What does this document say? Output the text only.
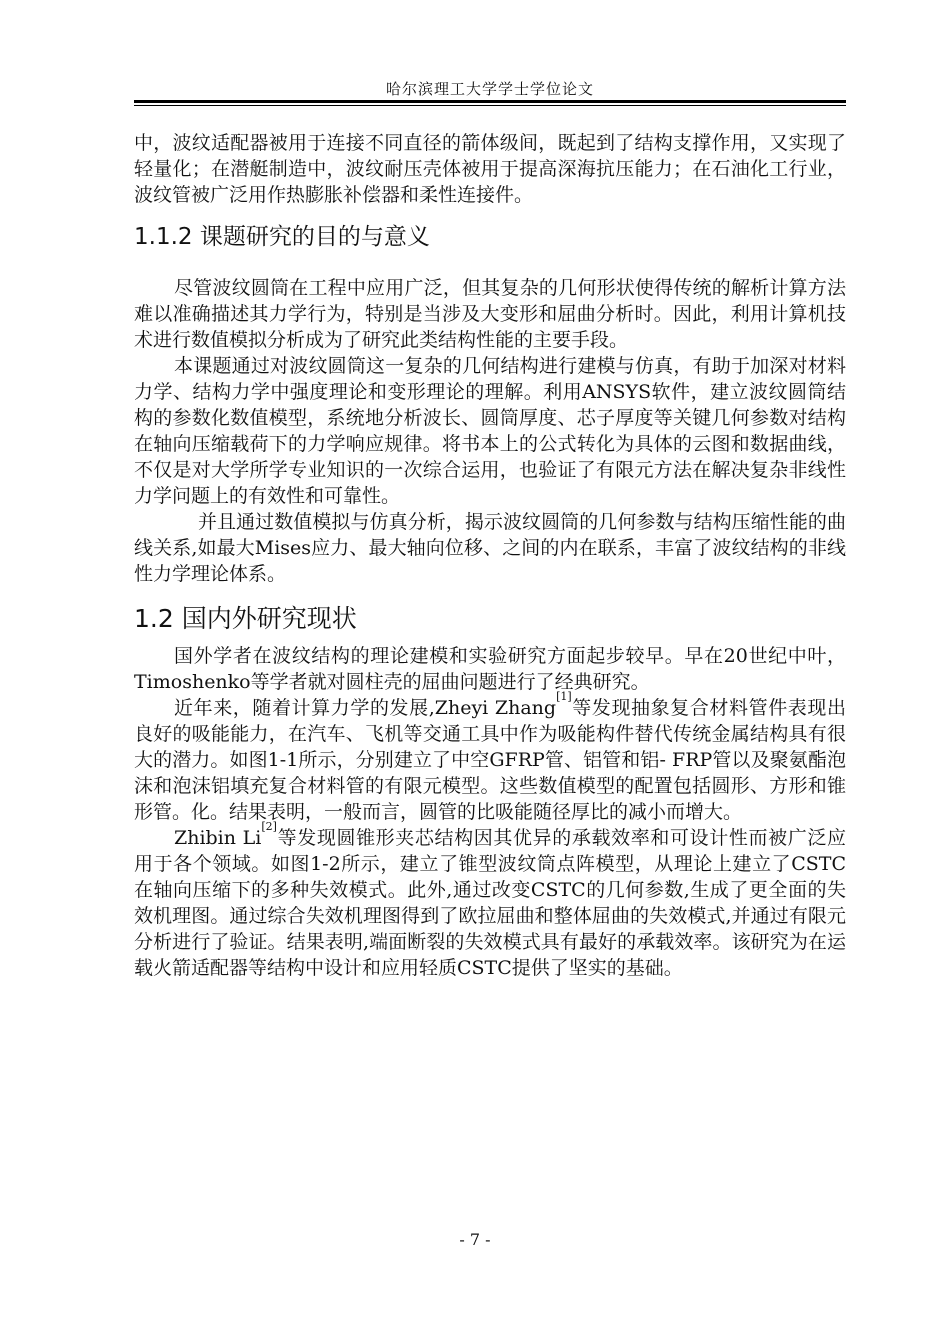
哈尔滨理工大学学士学位论文

中，波纹适配器被用于连接不同直径的箭体级间，既起到了结构支撑作用，又实现了轻量化；在潜艇制造中，波纹耐压壳体被用于提高深海抗压能力；在石油化工行业，波纹管被广泛用作热膨胀补偿器和柔性连接件。

1.1.2 课题研究的目的与意义

尽管波纹圆筒在工程中应用广泛，但其复杂的几何形状使得传统的解析计算方法难以准确描述其力学行为，特别是当涉及大变形和屈曲分析时。因此，利用计算机技术进行数值模拟分析成为了研究此类结构性能的主要手段。

本课题通过对波纹圆筒这一复杂的几何结构进行建模与仿真，有助于加深对材料力学、结构力学中强度理论和变形理论的理解。利用ANSYS软件，建立波纹圆筒结构的参数化数值模型，系统地分析波长、圆筒厚度、芯子厚度等关键几何参数对结构在轴向压缩载荷下的力学响应规律。将书本上的公式转化为具体的云图和数据曲线，不仅是对大学所学专业知识的一次综合运用，也验证了有限元方法在解决复杂非线性力学问题上的有效性和可靠性。

并且通过数值模拟与仿真分析，揭示波纹圆筒的几何参数与结构压缩性能的曲线关系,如最大Mises应力、最大轴向位移、之间的内在联系，丰富了波纹结构的非线性力学理论体系。

1.2 国内外研究现状

国外学者在波纹结构的理论建模和实验研究方面起步较早。早在20世纪中叶，Timoshenko等学者就对圆柱壳的屈曲问题进行了经典研究。

近年来，随着计算力学的发展,Zheyi Zhang[1]等发现抽象复合材料管件表现出良好的吸能能力，在汽车、飞机等交通工具中作为吸能构件替代传统金属结构具有很大的潜力。如图1-1所示，分别建立了中空GFRP管、铝管和铝- FRP管以及聚氨酯泡沫和泡沫铝填充复合材料管的有限元模型。这些数值模型的配置包括圆形、方形和锥形管。化。结果表明，一般而言，圆管的比吸能随径厚比的减小而增大。

Zhibin Li[2]等发现圆锥形夹芯结构因其优异的承载效率和可设计性而被广泛应用于各个领域。如图1-2所示，建立了锥型波纹筒点阵模型，从理论上建立了CSTC在轴向压缩下的多种失效模式。此外,通过改变CSTC的几何参数,生成了更全面的失效机理图。通过综合失效机理图得到了欧拉屈曲和整体屈曲的失效模式,并通过有限元分析进行了验证。结果表明,端面断裂的失效模式具有最好的承载效率。该研究为在运载火箭适配器等结构中设计和应用轻质CSTC提供了坚实的基础。

- 7 -
